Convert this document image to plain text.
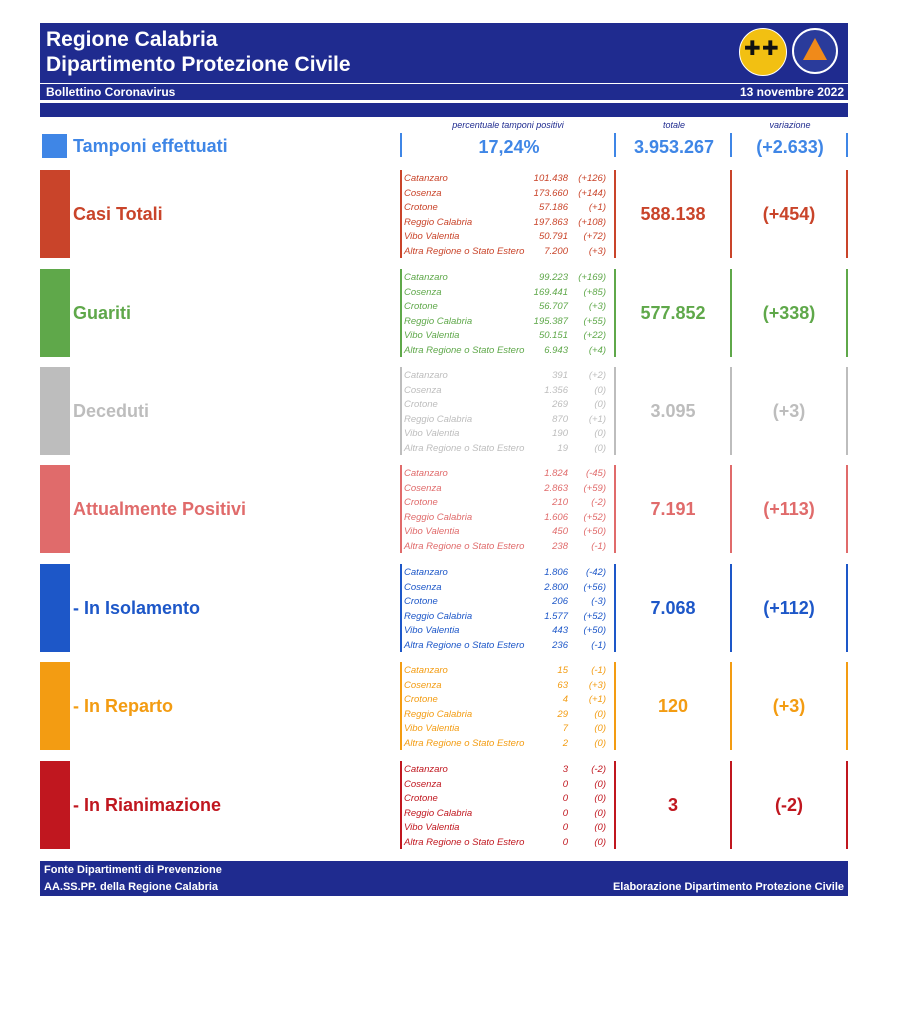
Regione Calabria
Dipartimento Protezione Civile
✚ ✚
Bollettino Coronavirus	13 novembre 2022
percentuale tamponi positivi	totale	variazione
Tamponi effettuati	17,24%	3.953.267	(+2.633)
Casi Totali
Catanzaro	101.438 (+126)
Cosenza	173.660 (+144)
Crotone	57.186 (+1)
Reggio Calabria	197.863 (+108)
Vibo Valentia	50.791 (+72)
Altra Regione o Stato Estero 7.200 (+3)
588.138	(+454)
Guariti
Catanzaro	99.223 (+169)
Cosenza	169.441 (+85)
Crotone	56.707 (+3)
Reggio Calabria	195.387 (+55)
Vibo Valentia	50.151 (+22)
Altra Regione o Stato Estero 6.943 (+4)
577.852	(+338)
Deceduti
Catanzaro	391 (+2)
Cosenza	1.356	(0)
Crotone	269	(0)
Reggio Calabria	870 (+1)
Vibo Valentia	190	(0)
Altra Regione o Stato Estero	19	(0)
3.095	(+3)
Attualmente Positivi
Catanzaro	1.824 (-45)
Cosenza	2.863 (+59)
Crotone	210 (-2)
Reggio Calabria	1.606 (+52)
Vibo Valentia	450 (+50)
Altra Regione o Stato Estero	238 (-1)
7.191	(+113)
- In Isolamento
Catanzaro	1.806 (-42)
Cosenza	2.800 (+56)
Crotone	206 (-3)
Reggio Calabria	1.577 (+52)
Vibo Valentia	443 (+50)
Altra Regione o Stato Estero	236 (-1)
7.068	(+112)
- In Reparto
Catanzaro	15 (-1)
Cosenza	63 (+3)
Crotone	4 (+1)
Reggio Calabria	29	(0)
Vibo Valentia	7	(0)
Altra Regione o Stato Estero	2	(0)
120	(+3)
- In Rianimazione
Catanzaro	3 (-2)
Cosenza	0	(0)
Crotone	0	(0)
Reggio Calabria	0	(0)
Vibo Valentia	0	(0)
Altra Regione o Stato Estero	0	(0)
3	(-2)
Fonte Dipartimenti di Prevenzione
AA.SS.PP. della Regione Calabria	Elaborazione Dipartimento Protezione Civile
